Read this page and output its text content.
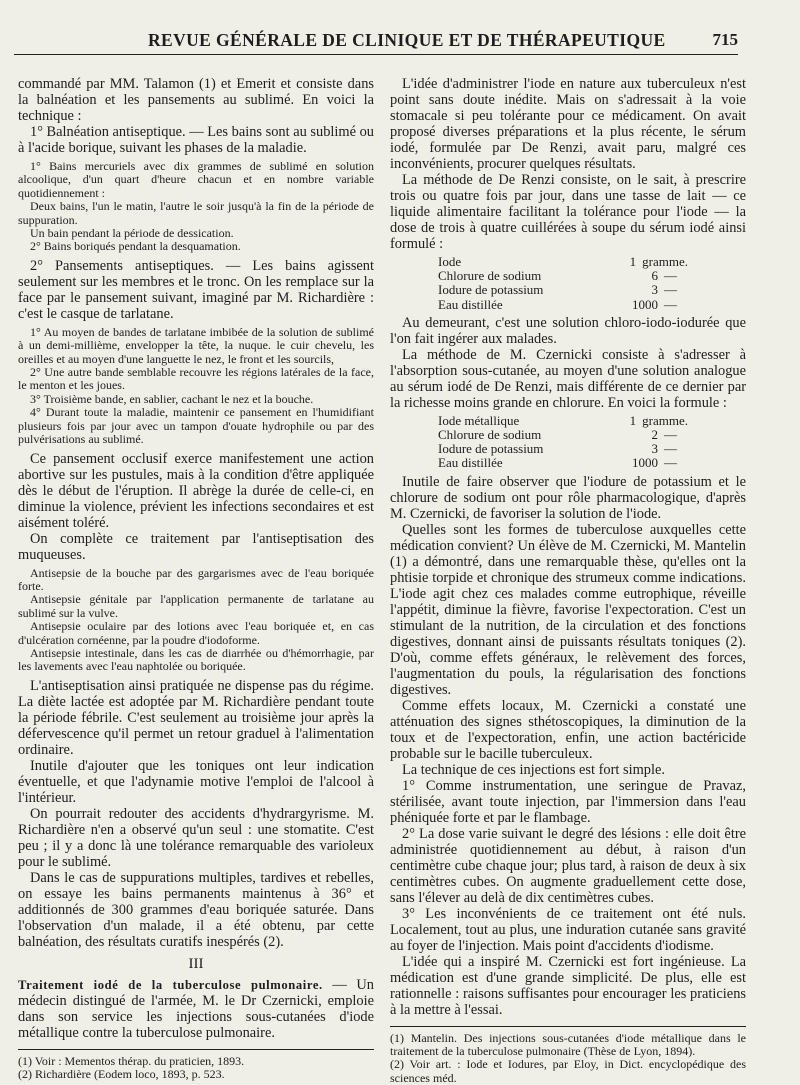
REVUE GÉNÉRALE DE CLINIQUE ET DE THÉRAPEUTIQUE	715

commandé par MM. Talamon (1) et Emerit et consiste dans la balnéation et les pansements au sublimé. En voici la technique :

1° Balnéation antiseptique. — Les bains sont au sublimé ou à l'acide borique, suivant les phases de la maladie.

1° Bains mercuriels avec dix grammes de sublimé en solution alcoolique, d'un quart d'heure chacun et en nombre variable quotidiennement :

Deux bains, l'un le matin, l'autre le soir jusqu'à la fin de la période de suppuration.

Un bain pendant la période de dessication.

2° Bains boriqués pendant la desquamation.

2° Pansements antiseptiques. — Les bains agissent seulement sur les membres et le tronc. On les remplace sur la face par le pansement suivant, imaginé par M. Richardière : c'est le casque de tarlatane.

1° Au moyen de bandes de tarlatane imbibée de la solution de sublimé à un demi-millième, envelopper la tête, la nuque. le cuir chevelu, les oreilles et au moyen d'une languette le nez, le front et les sourcils,

2° Une autre bande semblable recouvre les régions latérales de la face, le menton et les joues.

3° Troisième bande, en sablier, cachant le nez et la bouche.

4° Durant toute la maladie, maintenir ce pansement en l'humidifiant plusieurs fois par jour avec un tampon d'ouate hydrophile ou par des pulvérisations au sublimé.

Ce pansement occlusif exerce manifestement une action abortive sur les pustules, mais à la condition d'être appliquée dès le début de l'éruption. Il abrège la durée de celle-ci, en diminue la violence, prévient les infections secondaires et est aisément toléré.

On complète ce traitement par l'antiseptisation des muqueuses.

Antisepsie de la bouche par des gargarismes avec de l'eau boriquée forte.

Antisepsie génitale par l'application permanente de tarlatane au sublimé sur la vulve.

Antisepsie oculaire par des lotions avec l'eau boriquée et, en cas d'ulcération cornéenne, par la poudre d'iodoforme.

Antisepsie intestinale, dans les cas de diarrhée ou d'hémorrhagie, par les lavements avec l'eau naphtolée ou boriquée.

L'antiseptisation ainsi pratiquée ne dispense pas du régime. La diète lactée est adoptée par M. Richardière pendant toute la période fébrile. C'est seulement au troisième jour après la défervescence qu'il permet un retour graduel à l'alimentation ordinaire.

Inutile d'ajouter que les toniques ont leur indication éventuelle, et que l'adynamie motive l'emploi de l'alcool à l'intérieur.

On pourrait redouter des accidents d'hydrargyrisme. M. Richardière n'en a observé qu'un seul : une stomatite. C'est peu ; il y a donc là une tolérance remarquable des varioleux pour le sublimé.

Dans le cas de suppurations multiples, tardives et rebelles, on essaye les bains permanents maintenus à 36° et additionnés de 300 grammes d'eau boriquée saturée. Dans l'observation d'un malade, il a été obtenu, par cette balnéation, des résultats curatifs inespérés (2).

III

Traitement iodé de la tuberculose pulmonaire. — Un médecin distingué de l'armée, M. le Dr Czernicki, emploie dans son service les injections sous-cutanées d'iode métallique contre la tuberculose pulmonaire.

(1) Voir : Mementos thérap. du praticien, 1893.

(2) Richardière (Eodem loco, 1893, p. 523.

L'idée d'administrer l'iode en nature aux tuberculeux n'est point sans doute inédite. Mais on s'adressait à la voie stomacale si peu tolérante pour ce médicament. On avait proposé diverses préparations et la plus récente, le sérum iodé, formulée par De Renzi, avait paru, malgré ces inconvénients, procurer quelques résultats.

La méthode de De Renzi consiste, on le sait, à prescrire trois ou quatre fois par jour, dans une tasse de lait — ce liquide alimentaire facilitant la tolérance pour l'iode — la dose de trois à quatre cuillérées à soupe du sérum iodé ainsi formulé :

Iode	1 gramme.
Chlorure de sodium	6 —
Iodure de potassium	3 —
Eau distillée	1000 —

Au demeurant, c'est une solution chloro-iodo-iodurée que l'on fait ingérer aux malades.

La méthode de M. Czernicki consiste à s'adresser à l'absorption sous-cutanée, au moyen d'une solution analogue au sérum iodé de De Renzi, mais différente de ce dernier par la richesse moins grande en chlorure. En voici la formule :

Iode métallique	1 gramme.
Chlorure de sodium	2 —
Iodure de potassium	3 —
Eau distillée	1000 —

Inutile de faire observer que l'iodure de potassium et le chlorure de sodium ont pour rôle pharmacologique, d'après M. Czernicki, de favoriser la solution de l'iode.

Quelles sont les formes de tuberculose auxquelles cette médication convient? Un élève de M. Czernicki, M. Mantelin (1) a démontré, dans une remarquable thèse, qu'elles ont la phtisie torpide et chronique des strumeux comme indications. L'iode agit chez ces malades comme eutrophique, réveille l'appétit, diminue la fièvre, favorise l'expectoration. C'est un stimulant de la nutrition, de la circulation et des fonctions digestives, donnant ainsi de puissants résultats toniques (2). D'où, comme effets généraux, le relèvement des forces, l'augmentation du pouls, la régularisation des fonctions digestives.

Comme effets locaux, M. Czernicki a constaté une atténuation des signes sthétoscopiques, la diminution de la toux et de l'expectoration, enfin, une action bactéricide probable sur le bacille tuberculeux.

La technique de ces injections est fort simple.

1° Comme instrumentation, une seringue de Pravaz, stérilisée, avant toute injection, par l'immersion dans l'eau phéniquée forte et par le flambage.

2° La dose varie suivant le degré des lésions : elle doit être administrée quotidiennement au début, à raison d'un centimètre cube chaque jour; plus tard, à raison de deux à six centimètres cubes. On augmente graduellement cette dose, sans l'élever au delà de dix centimètres cubes.

3° Les inconvénients de ce traitement ont été nuls. Localement, tout au plus, une induration cutanée sans gravité au foyer de l'injection. Mais point d'accidents d'iodisme.

L'idée qui a inspiré M. Czernicki est fort ingénieuse. La médication est d'une grande simplicité. De plus, elle est rationnelle : raisons suffisantes pour encourager les praticiens à la mettre à l'essai.

(1) Mantelin. Des injections sous-cutanées d'iode métallique dans le traitement de la tuberculose pulmonaire (Thèse de Lyon, 1894).

(2) Voir art. : Iode et Iodures, par Eloy, in Dict. encyclopédique des sciences méd.
